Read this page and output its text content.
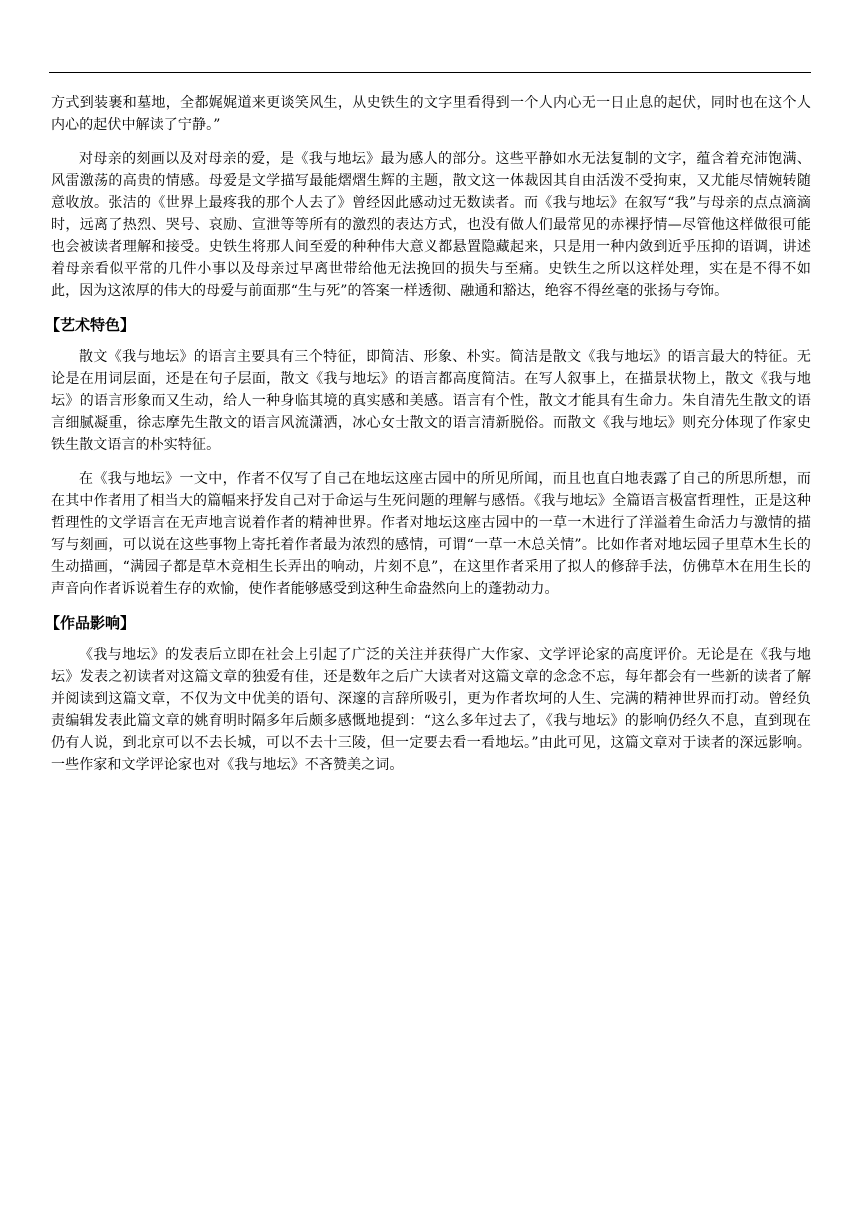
方式到装裹和墓地，全都娓娓道来更谈笑风生，从史铁生的文字里看得到一个人内心无一日止息的起伏，同时也在这个人内心的起伏中解读了宁静。”

对母亲的刻画以及对母亲的爱，是《我与地坛》最为感人的部分。这些平静如水无法复制的文字，蕴含着充沛饱满、风雷激荡的高贵的情感。母爱是文学描写最能熠熠生辉的主题，散文这一体裁因其自由活泼不受拘束，又尤能尽情婉转随意收放。张洁的《世界上最疼我的那个人去了》曾经因此感动过无数读者。而《我与地坛》在叙写“我”与母亲的点点滴滴时，远离了热烈、哭号、哀励、宣泄等等所有的激烈的表达方式，也没有做人们最常见的赤裸抒情—尽管他这样做很可能也会被读者理解和接受。史铁生将那人间至爱的种种伟大意义都悬置隐藏起来，只是用一种内敛到近乎压抑的语调，讲述着母亲看似平常的几件小事以及母亲过早离世带给他无法挽回的损失与至痛。史铁生之所以这样处理，实在是不得不如此，因为这浓厚的伟大的母爱与前面那“生与死”的答案一样透彻、融通和豁达，绝容不得丝毫的张扬与夸饰。

【艺术特色】

散文《我与地坛》的语言主要具有三个特征，即简洁、形象、朴实。简洁是散文《我与地坛》的语言最大的特征。无论是在用词层面，还是在句子层面，散文《我与地坛》的语言都高度简洁。在写人叙事上，在描景状物上，散文《我与地坛》的语言形象而又生动，给人一种身临其境的真实感和美感。语言有个性，散文才能具有生命力。朱自清先生散文的语言细腻凝重，徐志摩先生散文的语言风流潇洒，冰心女士散文的语言清新脱俗。而散文《我与地坛》则充分体现了作家史铁生散文语言的朴实特征。

在《我与地坛》一文中，作者不仅写了自己在地坛这座古园中的所见所闻，而且也直白地表露了自己的所思所想，而在其中作者用了相当大的篇幅来抒发自己对于命运与生死问题的理解与感悟。《我与地坛》全篇语言极富哲理性，正是这种哲理性的文学语言在无声地言说着作者的精神世界。作者对地坛这座古园中的一草一木进行了洋溢着生命活力与激情的描写与刻画，可以说在这些事物上寄托着作者最为浓烈的感情，可谓“一草一木总关情”。比如作者对地坛园子里草木生长的生动描画，“满园子都是草木竞相生长弄出的响动，片刻不息”，在这里作者采用了拟人的修辞手法，仿佛草木在用生长的声音向作者诉说着生存的欢愉，使作者能够感受到这种生命盎然向上的蓬勃动力。

【作品影响】

《我与地坛》的发表后立即在社会上引起了广泛的关注并获得广大作家、文学评论家的高度评价。无论是在《我与地坛》发表之初读者对这篇文章的独爱有佳，还是数年之后广大读者对这篇文章的念念不忘，每年都会有一些新的读者了解并阅读到这篇文章，不仅为文中优美的语句、深邃的言辞所吸引，更为作者坎坷的人生、完满的精神世界而打动。曾经负责编辑发表此篇文章的姚育明时隔多年后颇多感慨地提到：“这么多年过去了，《我与地坛》的影响仍经久不息，直到现在仍有人说，到北京可以不去长城，可以不去十三陵，但一定要去看一看地坛。”由此可见，这篇文章对于读者的深远影响。一些作家和文学评论家也对《我与地坛》不吝赞美之词。
